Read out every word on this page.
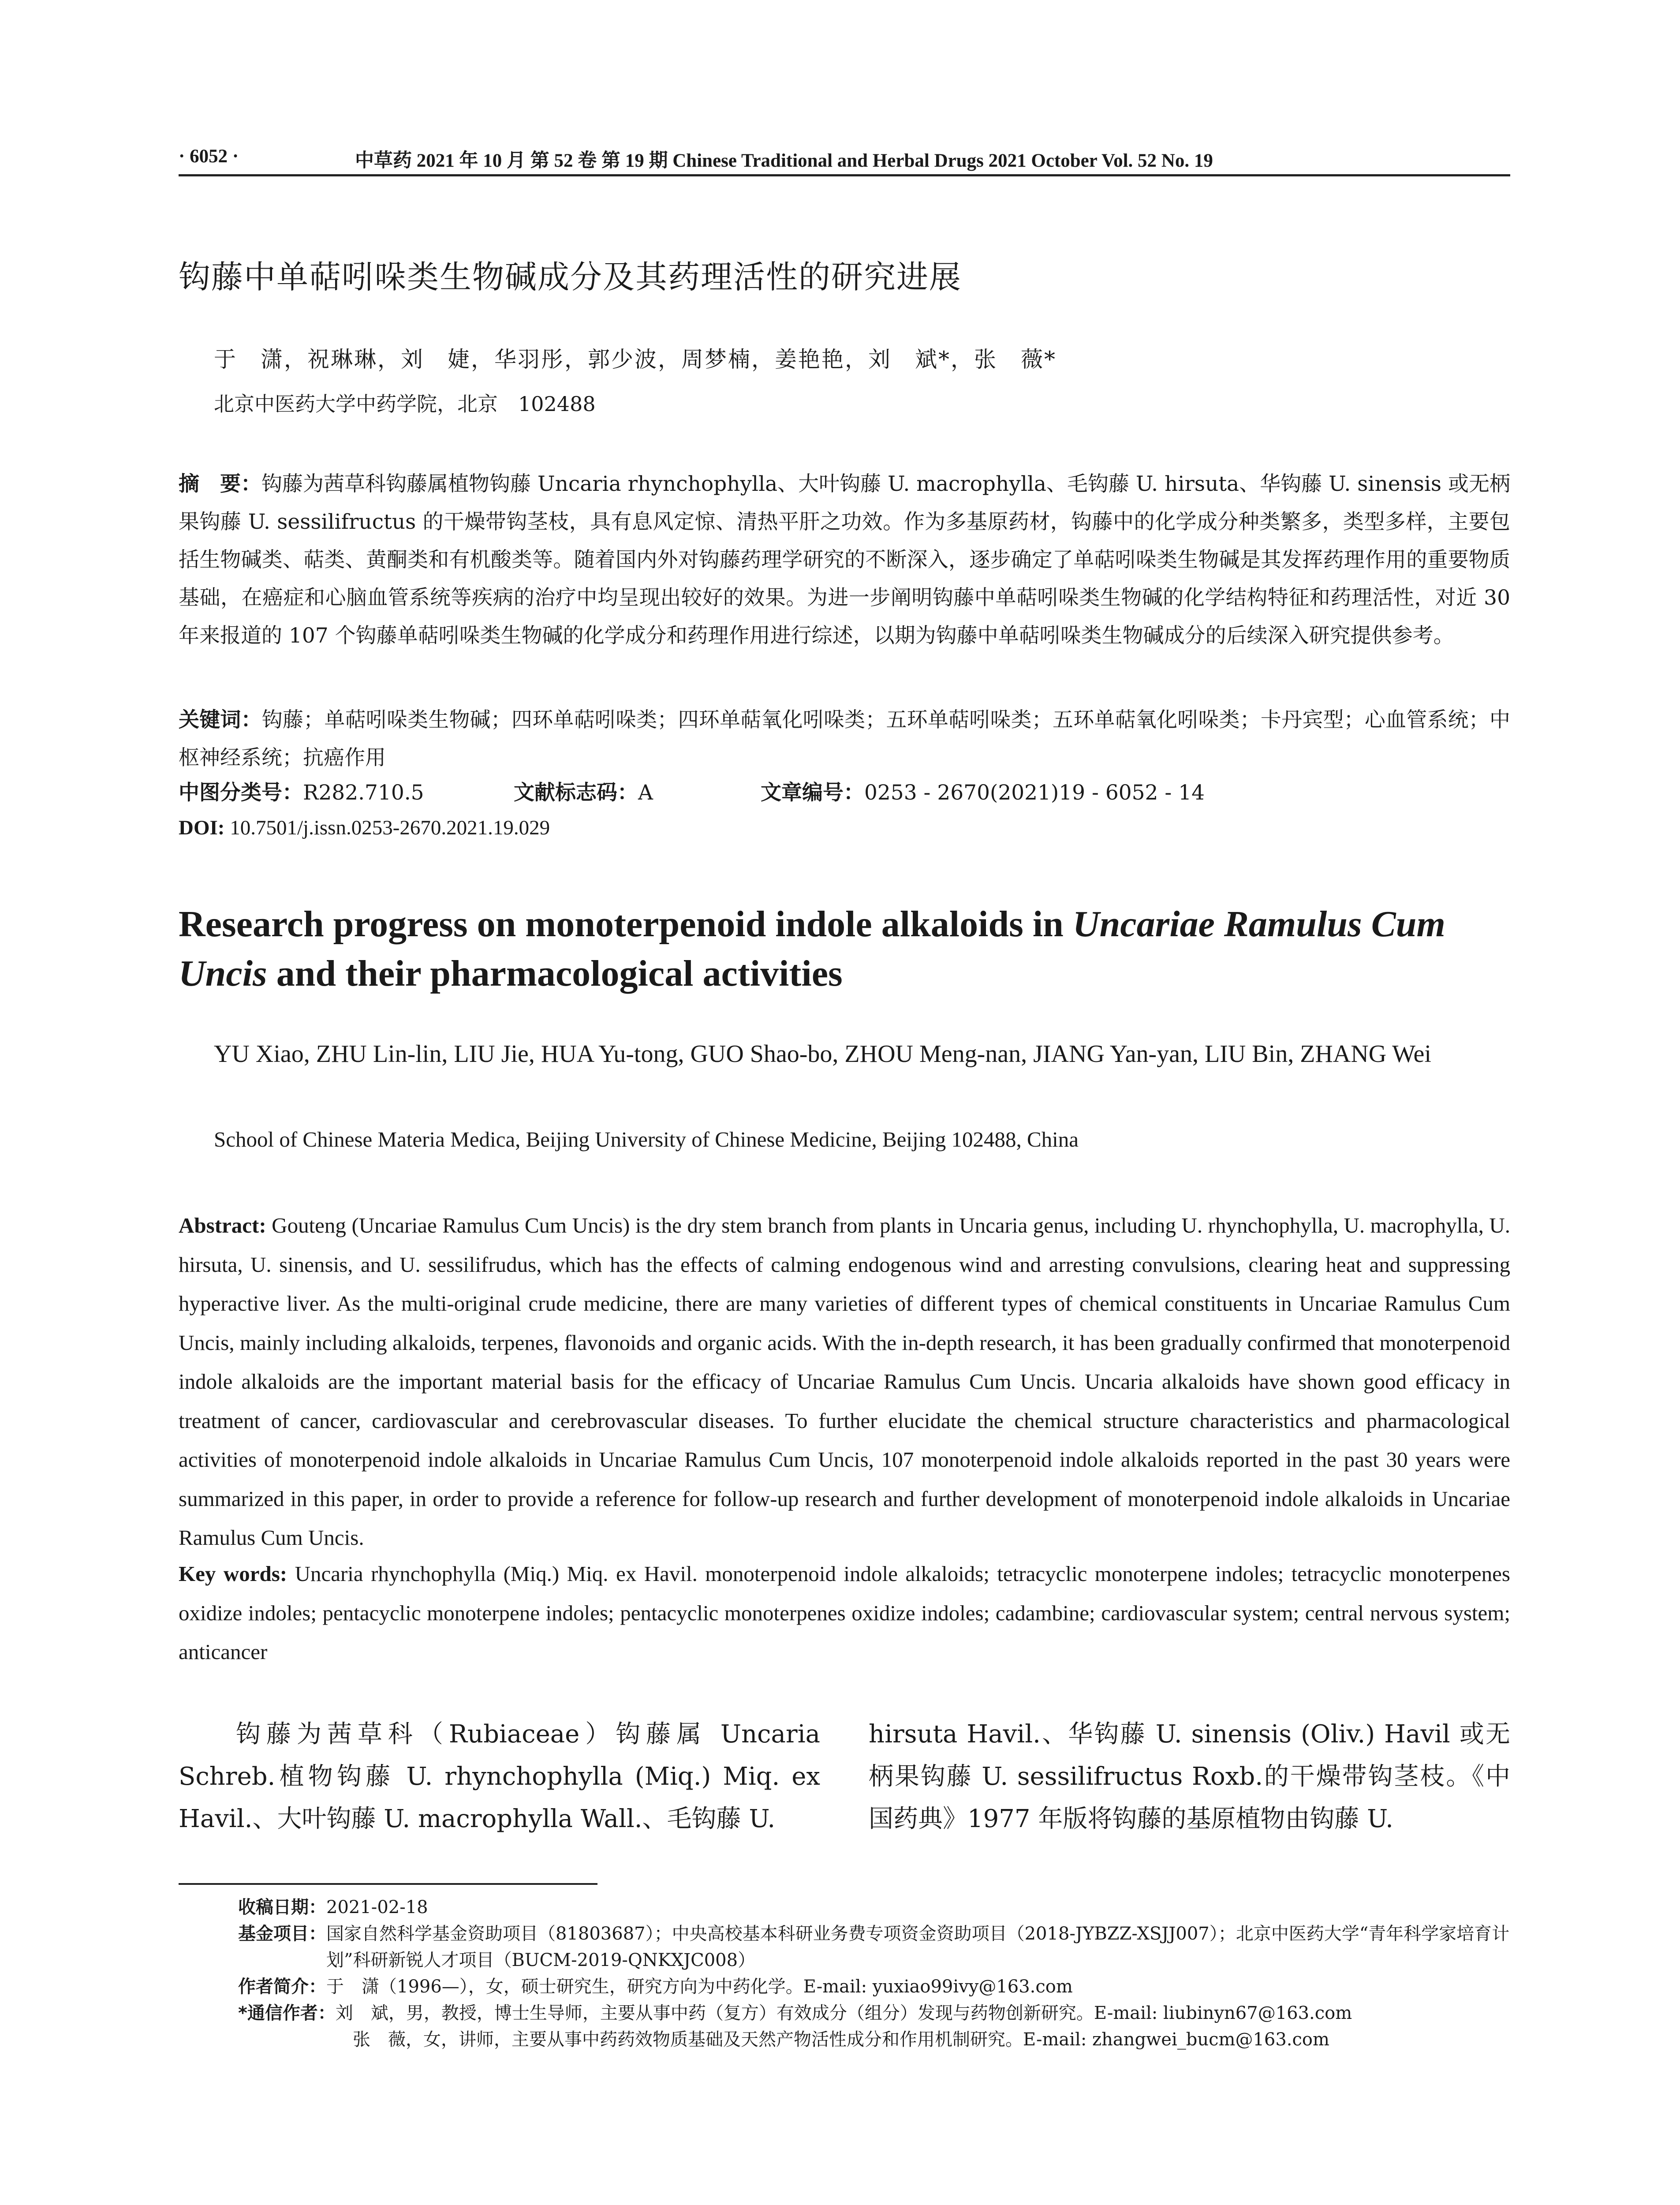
· 6052 ·	中草药 2021 年 10 月 第 52 卷 第 19 期 Chinese Traditional and Herbal Drugs 2021 October Vol. 52 No. 19
钩藤中单萜吲哚类生物碱成分及其药理活性的研究进展
于　潇，祝琳琳，刘　婕，华羽彤，郭少波，周梦楠，姜艳艳，刘　斌*，张　薇*
北京中医药大学中药学院，北京　102488
摘　要：钩藤为茜草科钩藤属植物钩藤 Uncaria rhynchophylla、大叶钩藤 U. macrophylla、毛钩藤 U. hirsuta、华钩藤 U. sinensis 或无柄果钩藤 U. sessilifructus 的干燥带钩茎枝，具有息风定惊、清热平肝之功效。作为多基原药材，钩藤中的化学成分种类繁多，类型多样，主要包括生物碱类、萜类、黄酮类和有机酸类等。随着国内外对钩藤药理学研究的不断深入，逐步确定了单萜吲哚类生物碱是其发挥药理作用的重要物质基础，在癌症和心脑血管系统等疾病的治疗中均呈现出较好的效果。为进一步阐明钩藤中单萜吲哚类生物碱的化学结构特征和药理活性，对近 30 年来报道的 107 个钩藤单萜吲哚类生物碱的化学成分和药理作用进行综述，以期为钩藤中单萜吲哚类生物碱成分的后续深入研究提供参考。
关键词：钩藤；单萜吲哚类生物碱；四环单萜吲哚类；四环单萜氧化吲哚类；五环单萜吲哚类；五环单萜氧化吲哚类；卡丹宾型；心血管系统；中枢神经系统；抗癌作用
中图分类号：R282.710.5	文献标志码：A	文章编号：0253 - 2670(2021)19 - 6052 - 14
DOI: 10.7501/j.issn.0253-2670.2021.19.029
Research progress on monoterpenoid indole alkaloids in Uncariae Ramulus Cum Uncis and their pharmacological activities
YU Xiao, ZHU Lin-lin, LIU Jie, HUA Yu-tong, GUO Shao-bo, ZHOU Meng-nan, JIANG Yan-yan, LIU Bin, ZHANG Wei
School of Chinese Materia Medica, Beijing University of Chinese Medicine, Beijing 102488, China
Abstract: Gouteng (Uncariae Ramulus Cum Uncis) is the dry stem branch from plants in Uncaria genus, including U. rhynchophylla, U. macrophylla, U. hirsuta, U. sinensis, and U. sessilifrudus, which has the effects of calming endogenous wind and arresting convulsions, clearing heat and suppressing hyperactive liver. As the multi-original crude medicine, there are many varieties of different types of chemical constituents in Uncariae Ramulus Cum Uncis, mainly including alkaloids, terpenes, flavonoids and organic acids. With the in-depth research, it has been gradually confirmed that monoterpenoid indole alkaloids are the important material basis for the efficacy of Uncariae Ramulus Cum Uncis. Uncaria alkaloids have shown good efficacy in treatment of cancer, cardiovascular and cerebrovascular diseases. To further elucidate the chemical structure characteristics and pharmacological activities of monoterpenoid indole alkaloids in Uncariae Ramulus Cum Uncis, 107 monoterpenoid indole alkaloids reported in the past 30 years were summarized in this paper, in order to provide a reference for follow-up research and further development of monoterpenoid indole alkaloids in Uncariae Ramulus Cum Uncis.
Key words: Uncaria rhynchophylla (Miq.) Miq. ex Havil. monoterpenoid indole alkaloids; tetracyclic monoterpene indoles; tetracyclic monoterpenes oxidize indoles; pentacyclic monoterpene indoles; pentacyclic monoterpenes oxidize indoles; cadambine; cardiovascular system; central nervous system; anticancer
钩藤为茜草科（Rubiaceae）钩藤属 Uncaria Schreb.植物钩藤 U. rhynchophylla (Miq.) Miq. ex Havil.、大叶钩藤 U. macrophylla Wall.、毛钩藤 U.
hirsuta Havil.、华钩藤 U. sinensis (Oliv.) Havil 或无柄果钩藤 U. sessilifructus Roxb.的干燥带钩茎枝。《中国药典》1977 年版将钩藤的基原植物由钩藤 U.
收稿日期： 2021-02-18
基金项目： 国家自然科学基金资助项目（81803687）；中央高校基本科研业务费专项资金资助项目（2018-JYBZZ-XSJJ007）；北京中医药大学“青年科学家培育计划”科研新锐人才项目（BUCM-2019-QNKXJC008）
作者简介： 于　潇（1996—），女，硕士研究生，研究方向为中药化学。E-mail: yuxiao99ivy@163.com
*通信作者： 刘　斌，男，教授，博士生导师，主要从事中药（复方）有效成分（组分）发现与药物创新研究。E-mail: liubinyn67@163.com
张　薇，女，讲师，主要从事中药药效物质基础及天然产物活性成分和作用机制研究。E-mail: zhangwei_bucm@163.com
